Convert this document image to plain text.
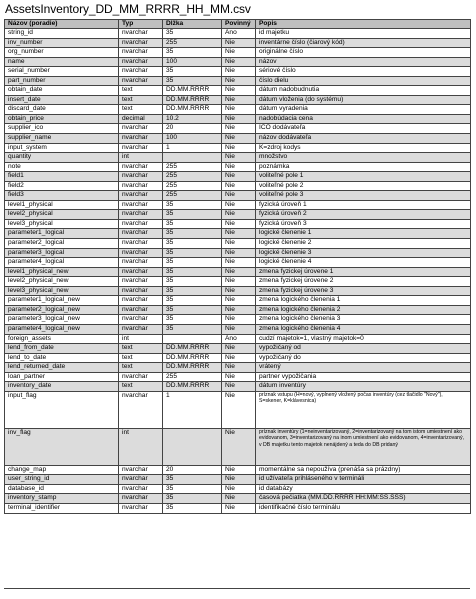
AssetsInventory_DD_MM_RRRR_HH_MM.csv
Názov (poradie)	Typ	Dĺžka	Povinný	Popis
string_id	nvarchar	35	Áno	id majetku
inv_number	nvarchar	255	Nie	inventárne číslo (čiarový kód)
org_number	nvarchar	35	Nie	originálne číslo
name	nvarchar	100	Nie	názov
serial_number	nvarchar	35	Nie	sériové číslo
part_number	nvarchar	35	Nie	číslo dielu
obtain_date	text	DD.MM.RRRR	Nie	dátum nadobudnutia
insert_date	text	DD.MM.RRRR	Nie	dátum vloženia (do systému)
discard_date	text	DD.MM.RRRR	Nie	dátum vyradenia
obtain_price	decimal	10.2	Nie	nadobúdacia cena
supplier_ico	nvarchar	20	Nie	IČO dodávateľa
supplier_name	nvarchar	100	Nie	názov dodávateľa
input_system	nvarchar	1	Nie	K=zdroj kodys
quantity	int		Nie	množstvo
note	nvarchar	255	Nie	poznámka
field1	nvarchar	255	Nie	voliteľné pole 1
field2	nvarchar	255	Nie	voliteľné pole 2
field3	nvarchar	255	Nie	voliteľné pole 3
level1_physical	nvarchar	35	Nie	fyzická úroveň 1
level2_physical	nvarchar	35	Nie	fyzická úroveň 2
level3_physical	nvarchar	35	Nie	fyzická úroveň 3
parameter1_logical	nvarchar	35	Nie	logické členenie 1
parameter2_logical	nvarchar	35	Nie	logické členenie 2
parameter3_logical	nvarchar	35	Nie	logické členenie 3
parameter4_logical	nvarchar	35	Nie	logické členenie 4
level1_physical_new	nvarchar	35	Nie	zmena fyzickej úrovene 1
level2_physical_new	nvarchar	35	Nie	zmena fyzickej úrovene 2
level3_physical_new	nvarchar	35	Nie	zmena fyzickej úrovene 3
parameter1_logical_new	nvarchar	35	Nie	zmena logického členenia 1
parameter2_logical_new	nvarchar	35	Nie	zmena logického členenia 2
parameter3_logical_new	nvarchar	35	Nie	zmena logického členenia 3
parameter4_logical_new	nvarchar	35	Nie	zmena logického členenia 4
foreign_assets	int		Áno	cudzí majetok=1, vlastný majetok=0
lend_from_date	text	DD.MM.RRRR	Nie	vypožičaný od
lend_to_date	text	DD.MM.RRRR	Nie	vypožičaný do
lend_returned_date	text	DD.MM.RRRR	Nie	vrátený
loan_partner	nvarchar	255	Nie	partner vypožičania
inventory_date	text	DD.MM.RRRR	Nie	dátum inventúry
input_flag	nvarchar	1	Nie	príznak vstupu (H=nový, vyplnený vložený počas inventúry (cez tlačidlo "Nový"), S=skener, K=klávesnica)
inv_flag	int		Nie	príznak inventúry (1=neinventarizovaný, 2=inventarizovaný na tom istom umiestnení ako evidovanom, 3=inventarizovaný na inom umiestnení ako evidovanom, 4=inventarizovaný, v DB majetku tento majetok nenájdený a teda do DB pridaný
change_map	nvarchar	20	Nie	momentálne sa nepoužíva (prenáša sa prázdny)
user_string_id	nvarchar	35	Nie	id užívateľa prihláseného v termináli
database_id	nvarchar	35	Nie	id databázy
inventory_stamp	nvarchar	35	Nie	časová pečiatka (MM.DD.RRRR HH:MM:SS.SSS)
terminal_identifier	nvarchar	35	Nie	identifikačné číslo terminálu
